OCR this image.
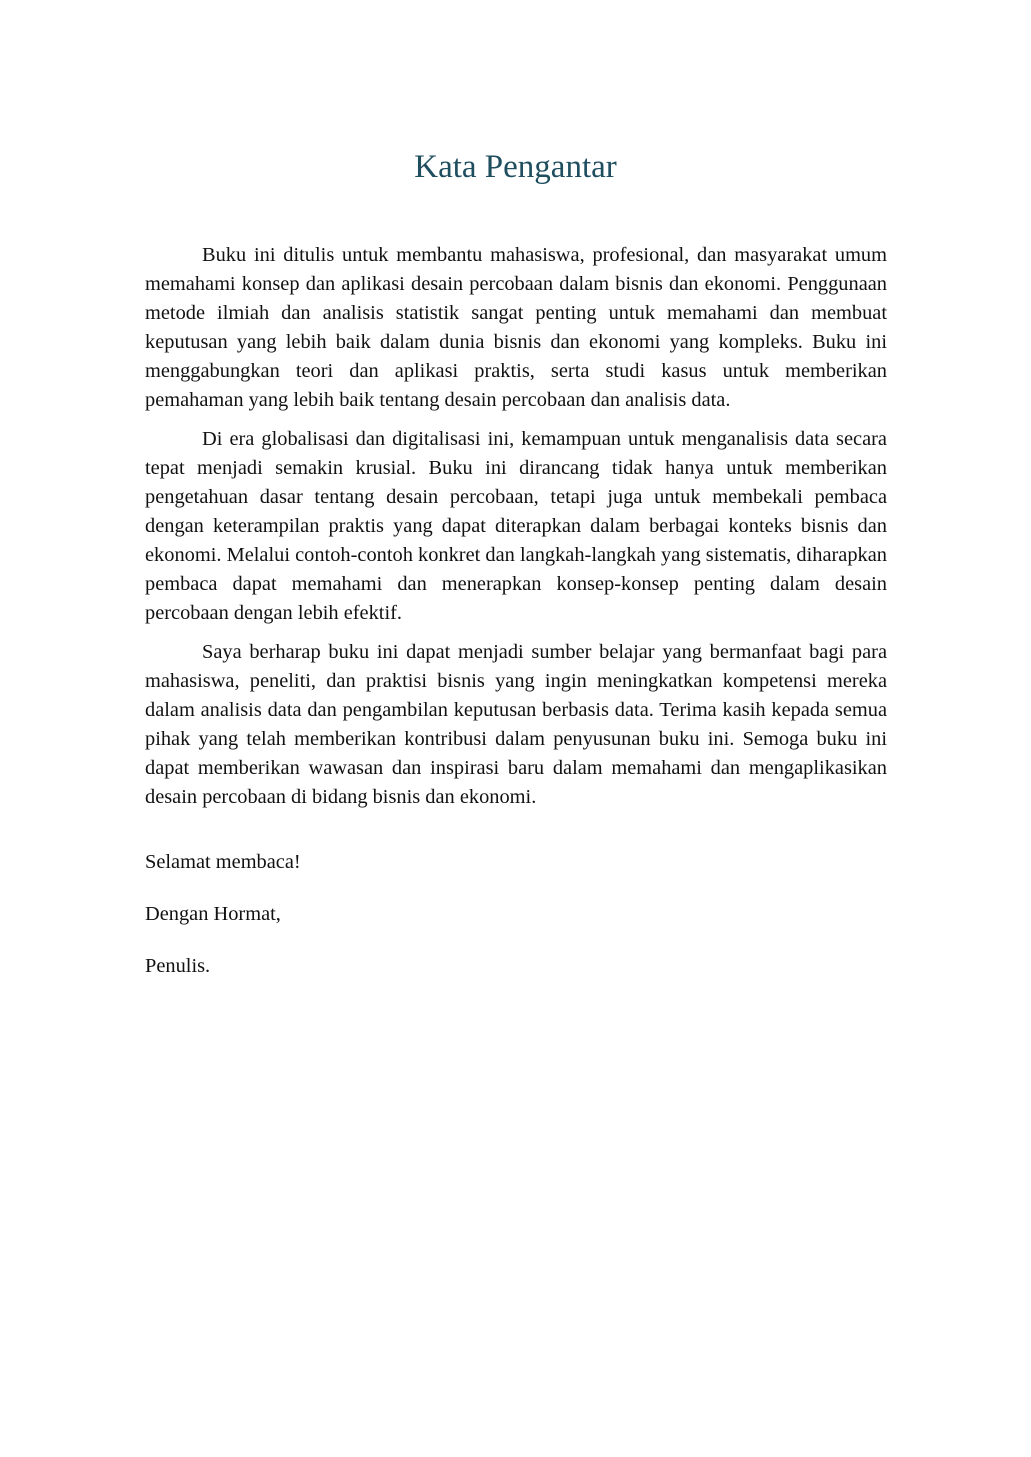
Kata Pengantar

Buku ini ditulis untuk membantu mahasiswa, profesional, dan masyarakat umum memahami konsep dan aplikasi desain percobaan dalam bisnis dan ekonomi. Penggunaan metode ilmiah dan analisis statistik sangat penting untuk memahami dan membuat keputusan yang lebih baik dalam dunia bisnis dan ekonomi yang kompleks. Buku ini menggabungkan teori dan aplikasi praktis, serta studi kasus untuk memberikan pemahaman yang lebih baik tentang desain percobaan dan analisis data.

Di era globalisasi dan digitalisasi ini, kemampuan untuk menganalisis data secara tepat menjadi semakin krusial. Buku ini dirancang tidak hanya untuk memberikan pengetahuan dasar tentang desain percobaan, tetapi juga untuk membekali pembaca dengan keterampilan praktis yang dapat diterapkan dalam berbagai konteks bisnis dan ekonomi. Melalui contoh-contoh konkret dan langkah-langkah yang sistematis, diharapkan pembaca dapat memahami dan menerapkan konsep-konsep penting dalam desain percobaan dengan lebih efektif.

Saya berharap buku ini dapat menjadi sumber belajar yang bermanfaat bagi para mahasiswa, peneliti, dan praktisi bisnis yang ingin meningkatkan kompetensi mereka dalam analisis data dan pengambilan keputusan berbasis data. Terima kasih kepada semua pihak yang telah memberikan kontribusi dalam penyusunan buku ini. Semoga buku ini dapat memberikan wawasan dan inspirasi baru dalam memahami dan mengaplikasikan desain percobaan di bidang bisnis dan ekonomi.

Selamat membaca!

Dengan Hormat,

Penulis.
